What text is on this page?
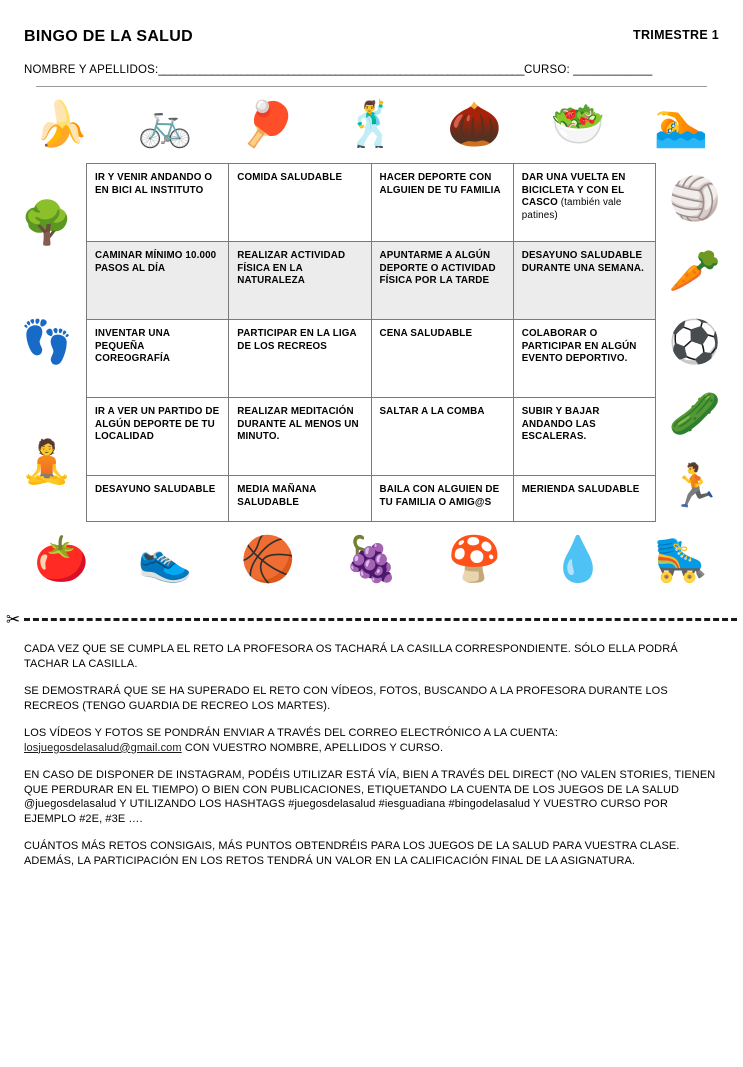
BINGO DE LA SALUD	TRIMESTRE 1
NOMBRE Y APELLIDOS:______________________________________________________________CURSO: ____________
🍌 🚲 🏓 🕺 🌰 🥗 🏊
🌳
👣
🧘
IR Y VENIR ANDANDO O EN BICI AL INSTITUTO	COMIDA SALUDABLE	HACER DEPORTE CON ALGUIEN DE TU FAMILIA	DAR UNA VUELTA EN BICICLETA Y CON EL CASCO (también vale patines)
CAMINAR MÍNIMO 10.000 PASOS AL DÍA	REALIZAR ACTIVIDAD FÍSICA EN LA NATURALEZA	APUNTARME A ALGÚN DEPORTE O ACTIVIDAD FÍSICA POR LA TARDE	DESAYUNO SALUDABLE DURANTE UNA SEMANA.
INVENTAR UNA PEQUEÑA COREOGRAFÍA	PARTICIPAR EN LA LIGA DE LOS RECREOS	CENA SALUDABLE	COLABORAR O PARTICIPAR EN ALGÚN EVENTO DEPORTIVO.
IR A VER UN PARTIDO DE ALGÚN DEPORTE DE TU LOCALIDAD	REALIZAR MEDITACIÓN DURANTE AL MENOS UN MINUTO.	SALTAR A LA COMBA	SUBIR Y BAJAR ANDANDO LAS ESCALERAS.
DESAYUNO SALUDABLE	MEDIA MAÑANA SALUDABLE	BAILA CON ALGUIEN DE TU FAMILIA O AMIG@S	MERIENDA SALUDABLE
🏐
🥕
⚽
🥒
🏃
🍅 👟 🏀 🍇 🍄 💧 🛼
✂

CADA VEZ QUE SE CUMPLA EL RETO LA PROFESORA OS TACHARÁ LA CASILLA CORRESPONDIENTE. SÓLO ELLA PODRÁ TACHAR LA CASILLA.

SE DEMOSTRARÁ QUE SE HA SUPERADO EL RETO CON VÍDEOS, FOTOS, BUSCANDO A LA PROFESORA DURANTE LOS RECREOS (TENGO GUARDIA DE RECREO LOS MARTES).

LOS VÍDEOS Y FOTOS SE PONDRÁN ENVIAR A TRAVÉS DEL CORREO ELECTRÓNICO A LA CUENTA:
losjuegosdelasalud@gmail.com CON VUESTRO NOMBRE, APELLIDOS Y CURSO.

EN CASO DE DISPONER DE INSTAGRAM, PODÉIS UTILIZAR ESTÁ VÍA, BIEN A TRAVÉS DEL DIRECT (NO VALEN STORIES, TIENEN QUE PERDURAR EN EL TIEMPO) O BIEN CON PUBLICACIONES, ETIQUETANDO LA CUENTA DE LOS JUEGOS DE LA SALUD @juegosdelasalud Y UTILIZANDO LOS HASHTAGS #juegosdelasalud #iesguadiana #bingodelasalud Y VUESTRO CURSO POR EJEMPLO #2E, #3E ….

CUÁNTOS MÁS RETOS CONSIGAIS, MÁS PUNTOS OBTENDRÉIS PARA LOS JUEGOS DE LA SALUD PARA VUESTRA CLASE. ADEMÁS, LA PARTICIPACIÓN EN LOS RETOS TENDRÁ UN VALOR EN LA CALIFICACIÓN FINAL DE LA ASIGNATURA.
